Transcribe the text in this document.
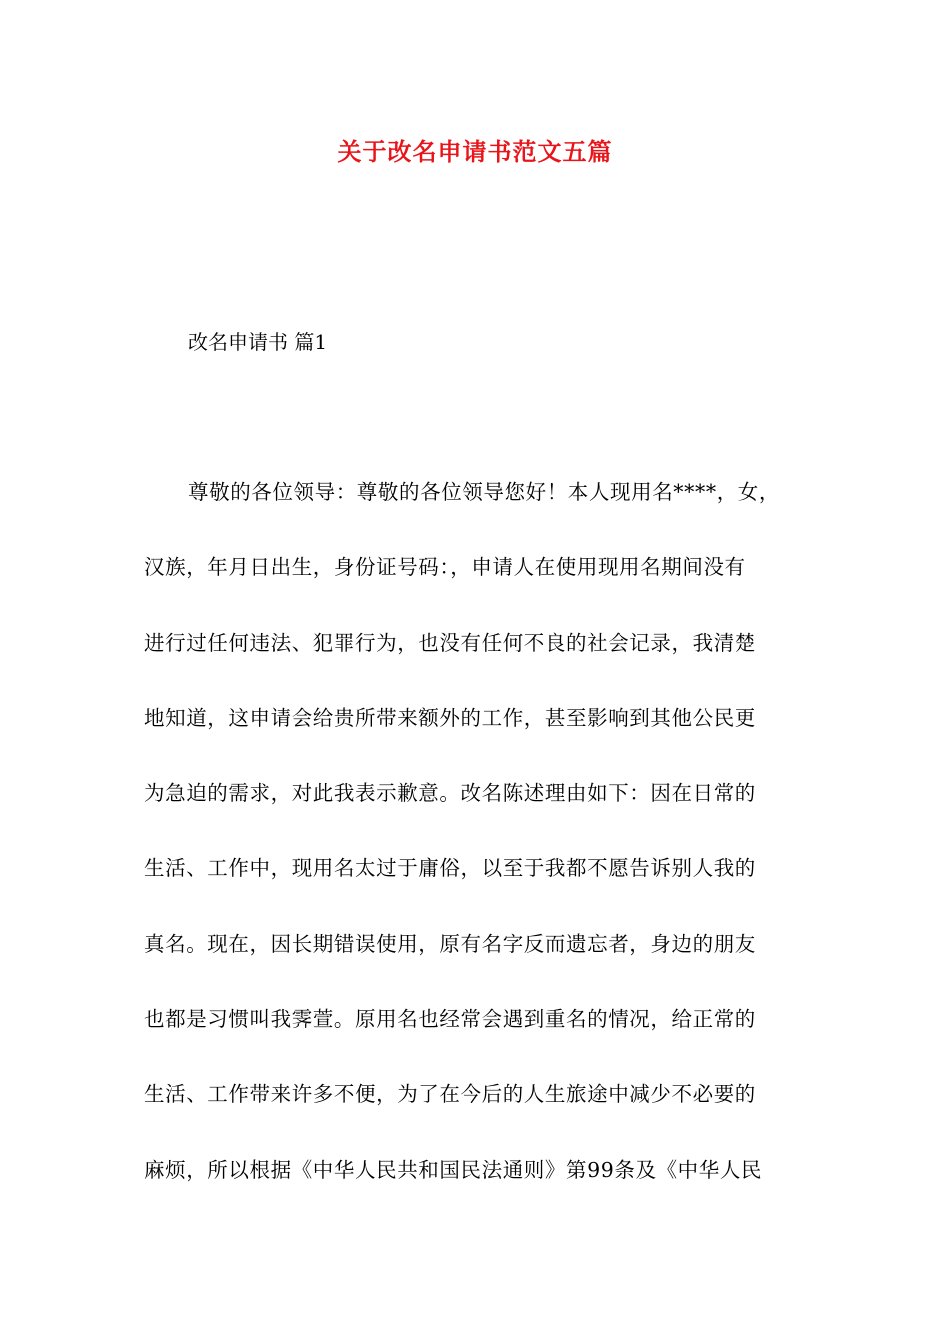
关于改名申请书范文五篇

改名申请书 篇1

尊敬的各位领导：尊敬的各位领导您好！本人现用名****，女，
汉族，年月日出生，身份证号码：，申请人在使用现用名期间没有
进行过任何违法、犯罪行为，也没有任何不良的社会记录，我清楚
地知道，这申请会给贵所带来额外的工作，甚至影响到其他公民更
为急迫的需求，对此我表示歉意。改名陈述理由如下：因在日常的
生活、工作中，现用名太过于庸俗，以至于我都不愿告诉别人我的
真名。现在，因长期错误使用，原有名字反而遗忘者，身边的朋友
也都是习惯叫我霁萱。原用名也经常会遇到重名的情况，给正常的
生活、工作带来许多不便，为了在今后的人生旅途中减少不必要的
麻烦，所以根据《中华人民共和国民法通则》第99条及《中华人民
